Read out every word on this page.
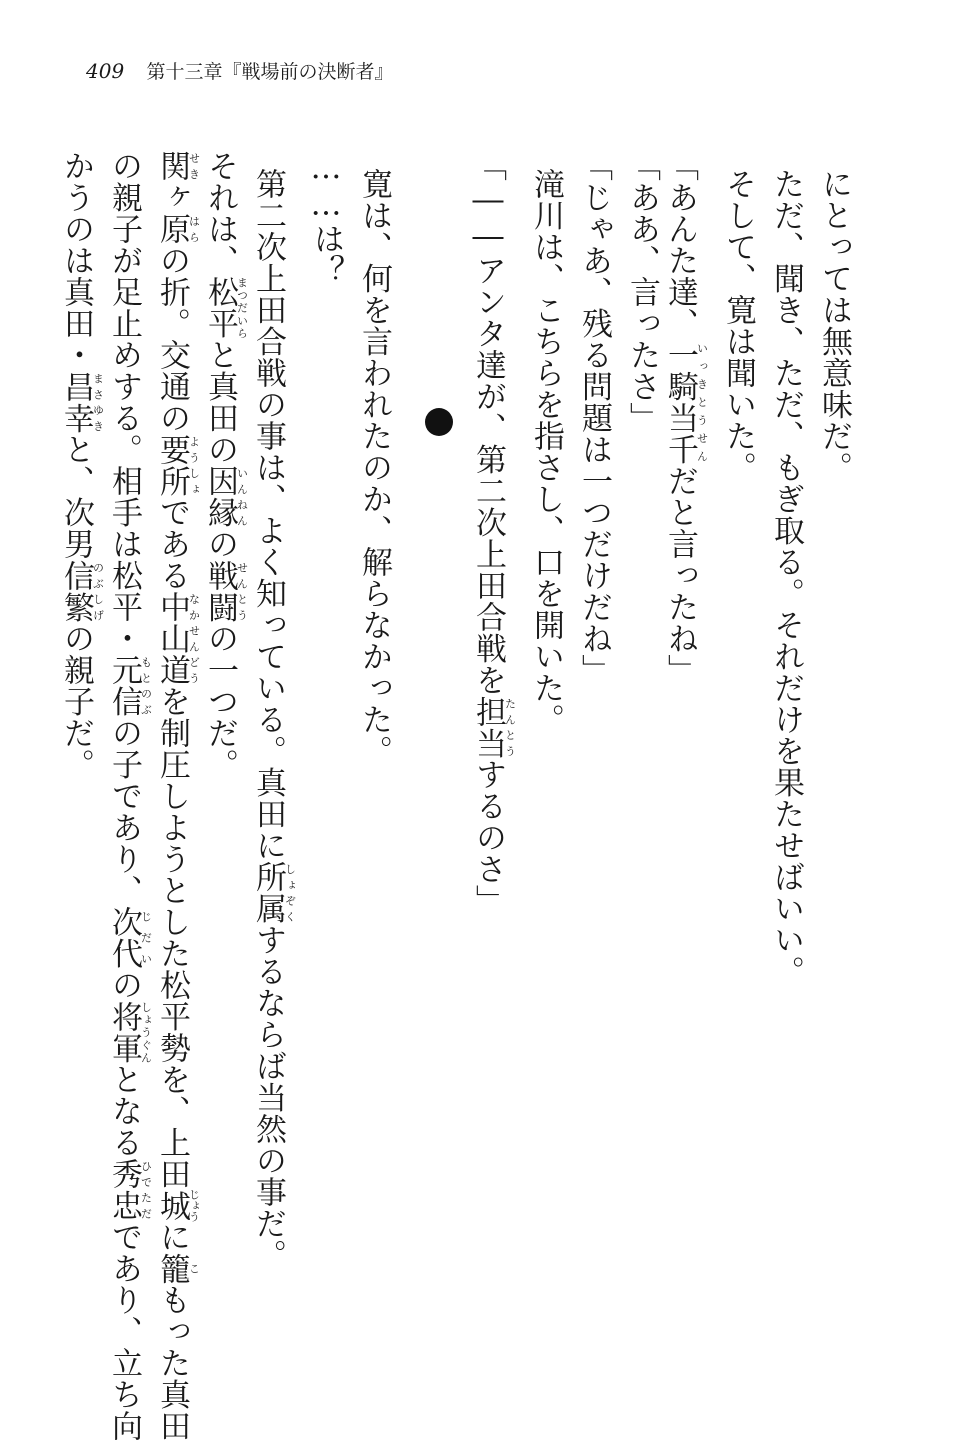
409 第十三章『戦場前の決断者』
にとっては無意味だ。
ただ、聞き、ただ、もぎ取る。それだけを果たせばいい。
そして、寛は聞いた。
「あんた達、一騎当千いっきとうせんだと言ったね」
「ああ、言ったさ」
「じゃあ、残る問題は一つだけだね」
滝川は、こちらを指さし、口を開いた。
「――アンタ達が、第二次上田合戦を担当たんとうするのさ」
寛は、何を言われたのか、解らなかった。
……は？
第二次上田合戦の事は、よく知っている。真田に所属しょぞくするならば当然の事だ。
それは、松平まつだいらと真田の因縁いんねんの戦闘せんとうの一つだ。
関せきヶ原はらの折。交通の要所ようしょである中山道なかせんどうを制圧しようとした松平勢を、上田城じょうに籠こもった真田
の親子が足止めする。相手は松平・元信もとのぶの子であり、次代じだいの将軍しょうぐんとなる秀忠ひでただであり、立ち向
かうのは真田・昌幸まさゆきと、次男信繁のぶしげの親子だ。
